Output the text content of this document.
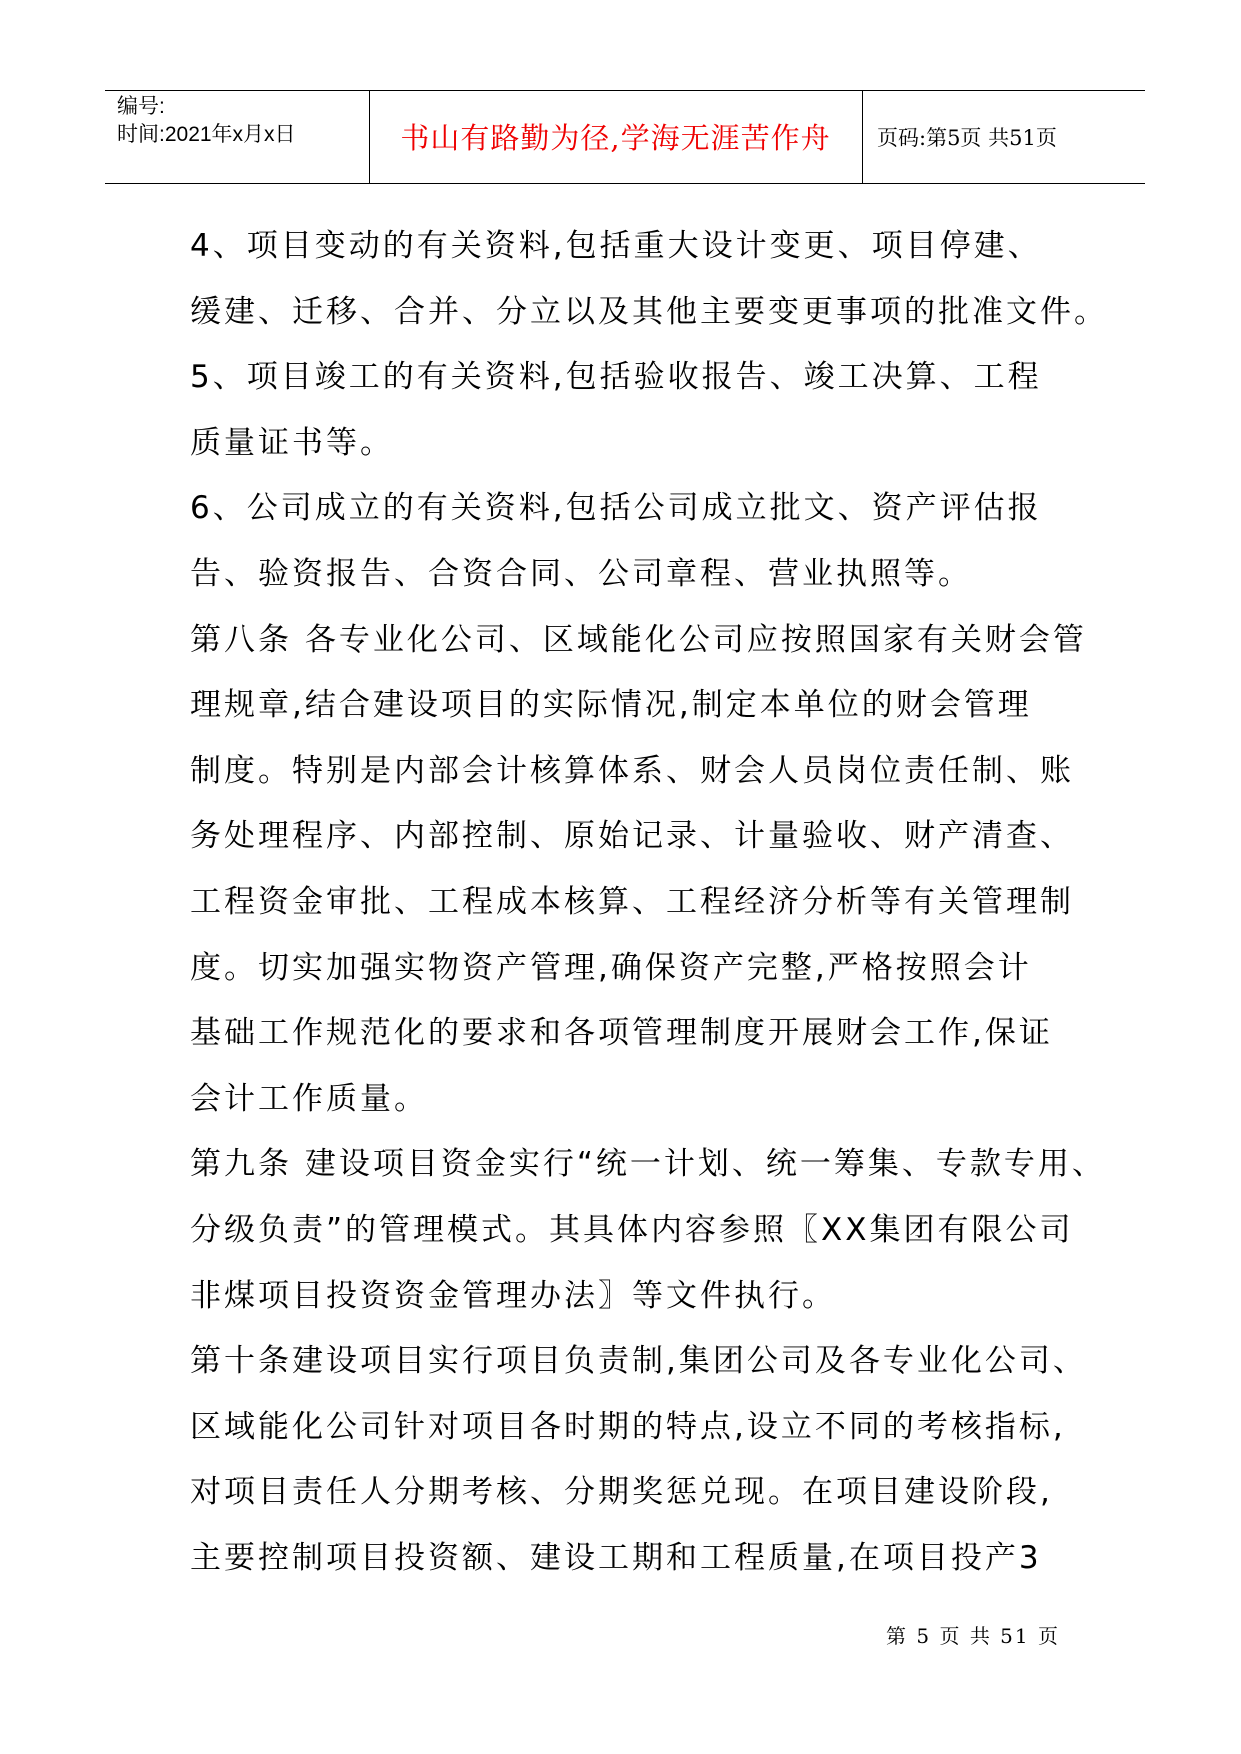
编号:
时间:2021年x月x日	书山有路勤为径,学海无涯苦作舟	页码:第5页 共51页
4、项目变动的有关资料,包括重大设计变更、项目停建、
缓建、迁移、合并、分立以及其他主要变更事项的批准文件。
5、项目竣工的有关资料,包括验收报告、竣工决算、工程
质量证书等。
6、公司成立的有关资料,包括公司成立批文、资产评估报
告、验资报告、合资合同、公司章程、营业执照等。
第八条 各专业化公司、区域能化公司应按照国家有关财会管
理规章,结合建设项目的实际情况,制定本单位的财会管理
制度。特别是内部会计核算体系、财会人员岗位责任制、账
务处理程序、内部控制、原始记录、计量验收、财产清查、
工程资金审批、工程成本核算、工程经济分析等有关管理制
度。切实加强实物资产管理,确保资产完整,严格按照会计
基础工作规范化的要求和各项管理制度开展财会工作,保证
会计工作质量。
第九条 建设项目资金实行“统一计划、统一筹集、专款专用、
分级负责”的管理模式。其具体内容参照〖XX集团有限公司
非煤项目投资资金管理办法〗等文件执行。
第十条建设项目实行项目负责制,集团公司及各专业化公司、
区域能化公司针对项目各时期的特点,设立不同的考核指标,
对项目责任人分期考核、分期奖惩兑现。在项目建设阶段,
主要控制项目投资额、建设工期和工程质量,在项目投产3
第 5 页 共 51 页
